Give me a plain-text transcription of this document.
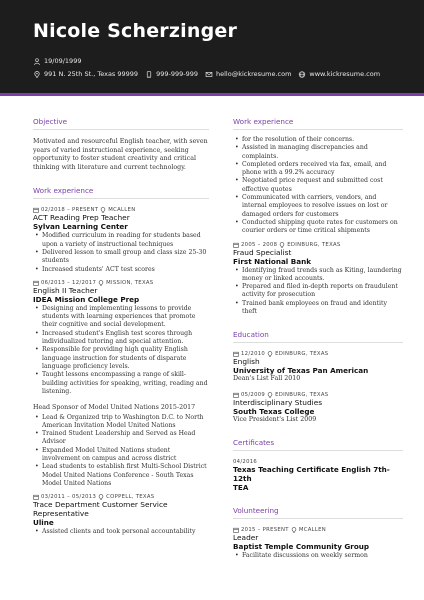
Nicole Scherzinger
19/09/1999
991 N. 25th St., Texas 99999	999-999-999	hello@kickresume.com	www.kickresume.com
Objective
Motivated and resourceful English teacher, with seven years of varied instructional experience, seeking opportunity to foster student creativity and critical thinking with literature and current technology.
Work experience
02/2018 – PRESENT MCALLEN
ACT Reading Prep Teacher
Sylvan Learning Center
• Modified curriculum in reading for students based upon a variety of instructional techniques
• Delivered lesson to small group and class size 25-30 students
• Increased students' ACT test scores
06/2013 – 12/2017 MISSION, TEXAS
English II Teacher
IDEA Mission College Prep
• Designing and implementing lessons to provide students with learning experiences that promote their cognitive and social development.
• Increased student's English test scores through individualized tutoring and special attention.
• Responsible for providing high quality English language instruction for students of disparate language proficiency levels.
• Taught lessons encompassing a range of skill-building activities for speaking, writing, reading and listening.
Head Sponsor of Model United Nations 2015-2017
• Lead & Organized trip to Washington D.C. to North American Invitation Model United Nations
• Trained Student Leadership and Served as Head Advisor
• Expanded Model United Nations student involvement on campus and across district
• Lead students to establish first Multi-School District Model United Nations Conference - South Texas Model United Nations
03/2011 – 05/2013 COPPELL, TEXAS
Trace Department Customer Service Representative
Uline
• Assisted clients and took personal accountability
Work experience
• for the resolution of their concerns.
• Assisted in managing discrepancies and complaints.
• Completed orders received via fax, email, and phone with a 99.2% accuracy
• Negotiated price request and submitted cost effective quotes
• Communicated with carriers, vendors, and internal employees to resolve issues on lost or damaged orders for customers
• Conducted shipping quote rates for customers on courier orders or time critical shipments
2005 – 2008 EDINBURG, TEXAS
Fraud Specialist
First National Bank
• Identifying fraud trends such as Kiting, laundering money or linked accounts.
• Prepared and filed in-depth reports on fraudulent activity for prosecution
• Trained bank employees on fraud and identity theft
Education
12/2010 EDINBURG, TEXAS
English
University of Texas Pan American
Dean's List Fall 2010
05/2009 EDINBURG, TEXAS
Interdisciplinary Studies
South Texas College
Vice President's List 2009
Certificates
04/2016
Texas Teaching Certificate English 7th-12th
TEA
Volunteering
2015 – PRESENT MCALLEN
Leader
Baptist Temple Community Group
• Facilitate discussions on weekly sermon
